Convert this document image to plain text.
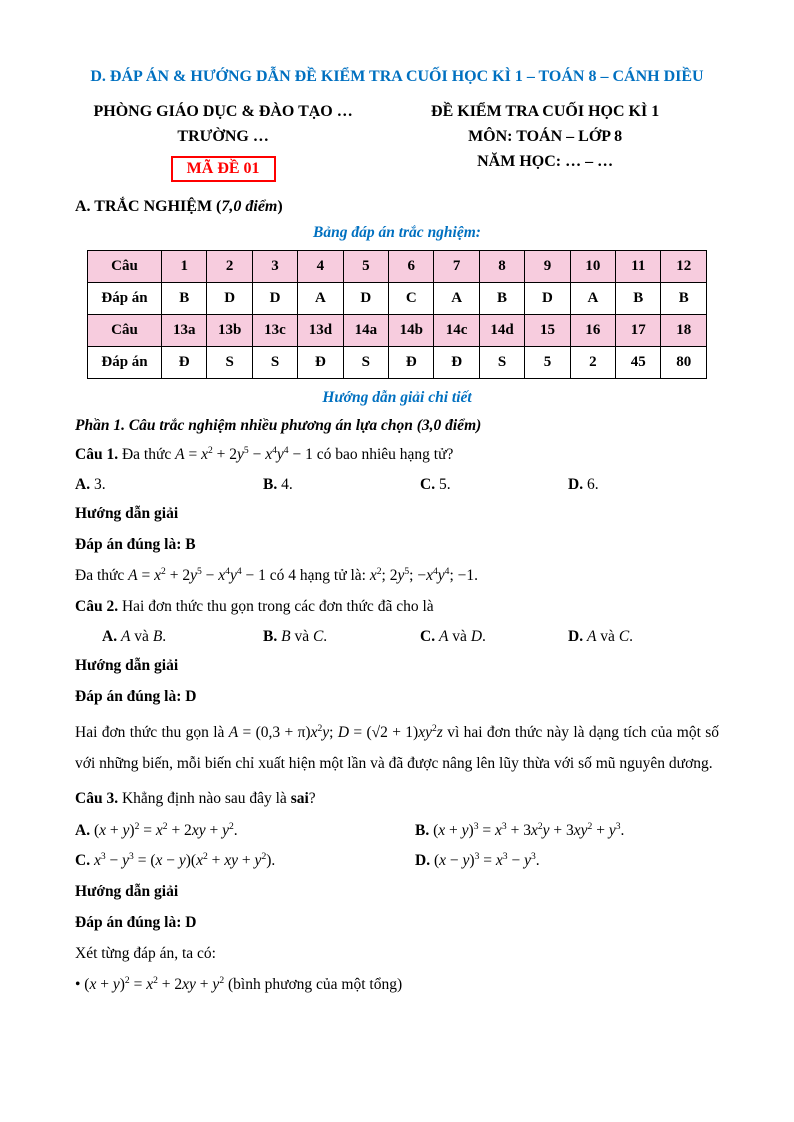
D. ĐÁP ÁN & HƯỚNG DẪN ĐỀ KIỂM TRA CUỐI HỌC KÌ 1 – TOÁN 8 – CÁNH DIỀU
PHÒNG GIÁO DỤC & ĐÀO TẠO …
TRƯỜNG …
MÃ ĐỀ 01
ĐỀ KIỂM TRA CUỐI HỌC KÌ 1
MÔN: TOÁN – LỚP 8
NĂM HỌC: … – …
A. TRẮC NGHIỆM (7,0 điểm)
Bảng đáp án trắc nghiệm:
Câu	1	2	3	4	5	6	7	8	9	10	11	12
Đáp án	B	D	D	A	D	C	A	B	D	A	B	B
Câu	13a	13b	13c	13d	14a	14b	14c	14d	15	16	17	18
Đáp án	Đ	S	S	Đ	S	Đ	Đ	S	5	2	45	80
Hướng dẫn giải chi tiết
Phần 1. Câu trắc nghiệm nhiều phương án lựa chọn (3,0 điểm)
Câu 1. Đa thức $A = x^2 + 2y^5 - x^4y^4 - 1$ có bao nhiêu hạng tử?
A. 3.	B. 4.	C. 5.	D. 6.
Hướng dẫn giải
Đáp án đúng là: B
Đa thức $A = x^2 + 2y^5 - x^4y^4 - 1$ có 4 hạng tử là: $x^2$; $2y^5$; $-x^4y^4$; −1.
Câu 2. Hai đơn thức thu gọn trong các đơn thức đã cho là
A. A và B.	B. B và C.	C. A và D.	D. A và C.
Hướng dẫn giải
Đáp án đúng là: D
Hai đơn thức thu gọn là $A = (0,3 + \pi)x^2y$; $D = (√2 + 1)xy^2z$ vì hai đơn thức này là dạng tích của một số với những biến, mỗi biến chỉ xuất hiện một lần và đã được nâng lên lũy thừa với số mũ nguyên dương.
Câu 3. Khẳng định nào sau đây là sai?
A. $(x + y)^2 = x^2 + 2xy + y^2$.	B. $(x + y)^3 = x^3 + 3x^2y + 3xy^2 + y^3$.
C. $x^3 - y^3 = (x - y)(x^2$ + xy + $y^2$).	D. $(x - y)^3 = x^3 - y^3$.
Hướng dẫn giải
Đáp án đúng là: D
Xét từng đáp án, ta có:
• $(x + y)^2 = x^2 + 2xy + y^2$ (bình phương của một tổng)
